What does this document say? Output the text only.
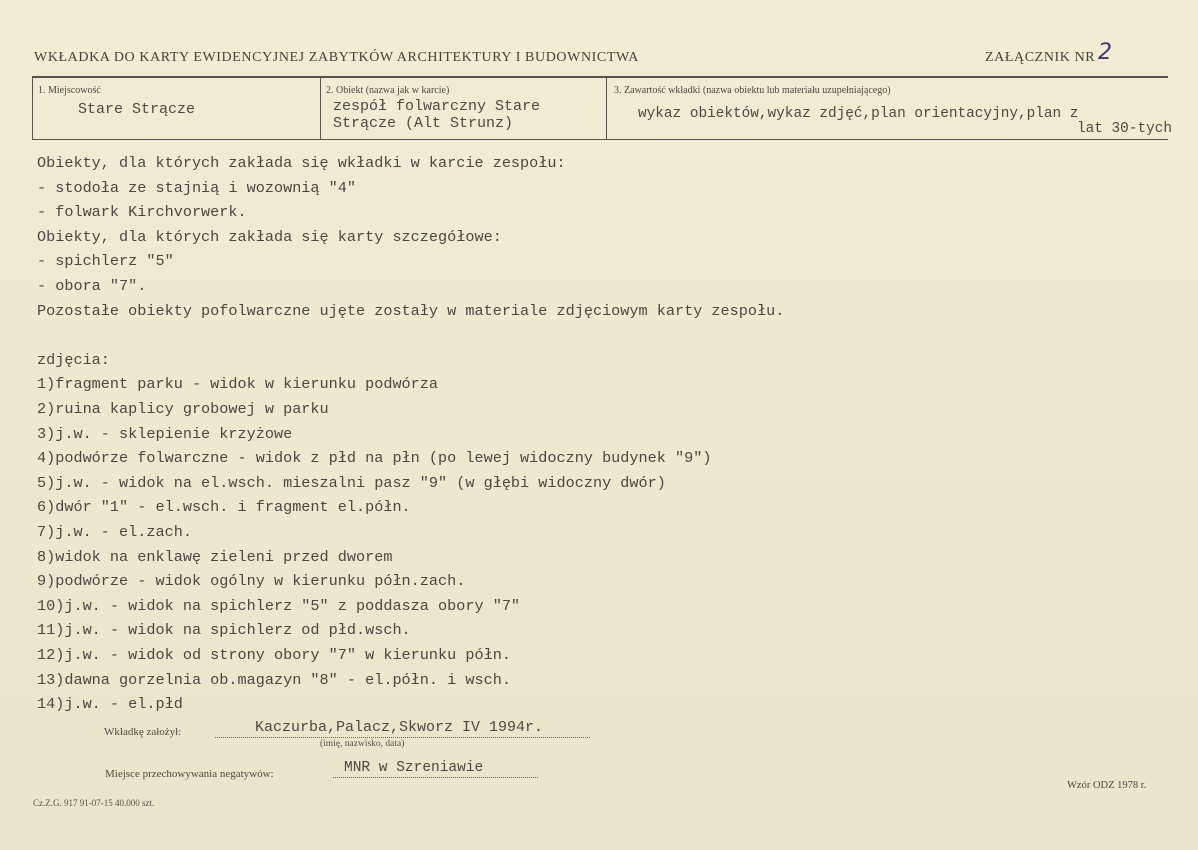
WKŁADKA DO KARTY EWIDENCYJNEJ ZABYTKÓW ARCHITEKTURY I BUDOWNICTWA	ZAŁĄCZNIK NR 2
1. Miejscowość
Stare Strącze
2. Obiekt (nazwa jak w karcie)
zespół folwarczny Stare
Strącze (Alt Strunz)
3. Zawartość wkładki (nazwa obiektu lub materiału uzupełniającego)
wykaz obiektów,wykaz zdjęć,plan orientacyjny,plan z
lat 30-tych
Obiekty, dla których zakłada się wkładki w karcie zespołu:
- stodoła ze stajnią i wozownią "4"
- folwark Kirchvorwerk.
Obiekty, dla których zakłada się karty szczegółowe:
- spichlerz "5"
- obora "7".
Pozostałe obiekty pofolwarczne ujęte zostały w materiale zdjęciowym karty zespołu.
zdjęcia:
1)fragment parku - widok w kierunku podwórza
2)ruina kaplicy grobowej w parku
3)j.w. - sklepienie krzyżowe
4)podwórze folwarczne - widok z płd na płn (po lewej widoczny budynek "9")
5)j.w. - widok na el.wsch. mieszalni pasz "9" (w głębi widoczny dwór)
6)dwór "1" - el.wsch. i fragment el.półn.
7)j.w. - el.zach.
8)widok na enklawę zieleni przed dworem
9)podwórze - widok ogólny w kierunku półn.zach.
10)j.w. - widok na spichlerz "5" z poddasza obory "7"
11)j.w. - widok na spichlerz od płd.wsch.
12)j.w. - widok od strony obory "7" w kierunku półn.
13)dawna gorzelnia ob.magazyn "8" - el.półn. i wsch.
14)j.w. - el.płd
Wkładkę założył:	Kaczurba,Palacz,Skworz IV 1994r.
(imię, nazwisko, data)
Miejsce przechowywania negatywów:	MNR w Szreniawie
Cz.Z.G. 917 91-07-15 40.000 szt.
Wzór ODZ 1978 r.
